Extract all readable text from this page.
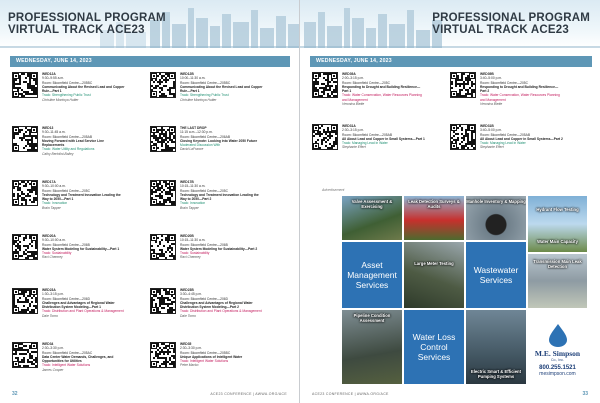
PROFESSIONAL PROGRAM
VIRTUAL TRACK ACE23
WEDNESDAY, JUNE 14, 2023
WED12A
9:30–9:55 a.m.
Room: Bloomfield Centre—205BC
Communicating About the Revised Lead and Copper Rule—Part 1
Track: Strengthening Public Trust
Christine Montoya Hutter
WED13
9:30–11:45 a.m.
Room: Bloomfield Centre—205AB
Moving Forward with Lead Service Line Replacements
Track: Water Utility and Regulations
Cathy Bertolini-Bailey
WED17A
9:30–10:00 a.m.
Room: Bloomfield Centre—205C
Technology and Treatment Innovation Leading the Way to 2050—Part 1
Track: Innovation
Brain Tapper
WED20A
9:30–10:00 a.m.
Room: Bloomfield Centre—206B
Water System Modeling for Sustainability—Part 1
Track: Sustainability
Ravi Chenney
WED23A
1:30–3:15 p.m.
Room: Bloomfield Centre—206D
Challenges and Advantages of Regional Water Distribution System Modeling—Part 1
Track: Distribution and Plant Operations & Management
Dale Torno
WED34
2:30–3:30 p.m.
Room: Bloomfield Centre—205AC
Data Center Water Demands, Challenges, and Opportunities for Utilities
Track: Intelligent Water Solutions
James Cooper
WED12B
10:00–11:30 a.m.
Room: Bloomfield Centre—205BC
Communicating About the Revised Lead and Copper Rule—Part 1
Track: Strengthening Public Trust
Christine Montoya Hutter
THE LAST DROP
11:15 a.m.–12:30 p.m.
Room: Bloomfield Centre—206AB
Closing Keynote: Looking into Water 2050 Future
Moderated Discussion With
David LaFrance
WED17B
10:15–11:30 a.m.
Room: Bloomfield Centre—205C
Technology and Treatment Innovation Leading the Way to 2050—Part 2
Track: Innovation
Brain Tapper
WED20B
10:15–11:30 a.m.
Room: Bloomfield Centre—206B
Water System Modeling for Sustainability—Part 2
Track: Sustainability
Ravi Chenney
WED23B
3:30–4:45 p.m.
Room: Bloomfield Centre—206D
Challenges and Advantages of Regional Water Distribution System Modeling—Part 2
Track: Distribution and Plant Operations & Management
Dale Torno
WED35
2:30–3:30 p.m.
Room: Bloomfield Centre—205BC
Unique Applications of Intelligent Water
Track: Intelligent Water Solutions
Peter Macko
32	ACE23 CONFERENCE | AWWA.ORG/ACE
PROFESSIONAL PROGRAM
VIRTUAL TRACK ACE23
WEDNESDAY, JUNE 14, 2023
WED39A
2:00–3:15 p.m.
Room: Bloomfield Centre—205C
Responding to Drought and Building Resilience—Part 1
Track: Water Conservation, Water Resources Planning and Management
Veronica Blette
WED31A
2:30–3:15 p.m.
Room: Bloomfield Centre—205AB
All About Lead and Copper in Small Systems—Part 1
Track: Managing Lead in Water
Stephanie Effert
WED39B
3:40–5:00 p.m.
Room: Bloomfield Centre—205C
Responding to Drought and Building Resilience—Part 2
Track: Water Conservation, Water Resources Planning and Management
Veronica Blette
WED31B
3:40–5:00 p.m.
Room: Bloomfield Centre—205AB
All About Lead and Copper in Small Systems—Part 2
Track: Managing Lead in Water
Stephanie Effert
ACE23 CONFERENCE | AWWA.ORG/ACE	33
Advertisement
Valve Assessment & Exercising
Leak Detection Surveys & Audits
Manhole Inventory & Mapping
Hydrant Flow Testing
Water Main Capacity
Asset Management Services
Large Meter Testing
Wastewater Services
Transmission Main Leak Detection
Pipeline Condition Assessment
Water Loss Control Services
Electric Smart & Efficient Pumping Systems
M.E. Simpson
Co., Inc.
800.255.1521
mesimpson.com
